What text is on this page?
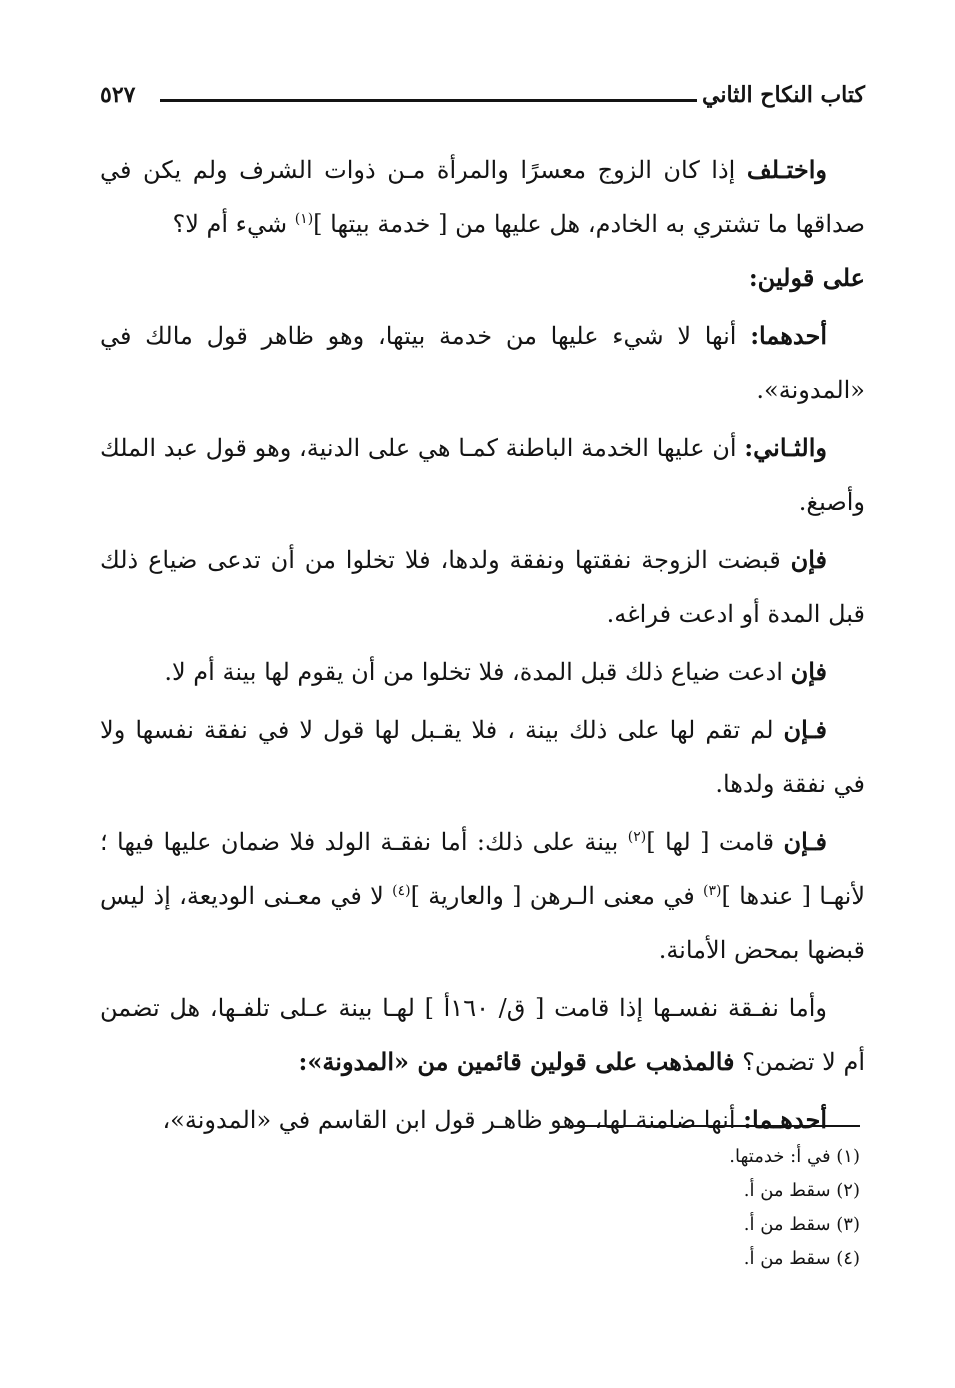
كتاب النكاح الثاني
٥٢٧

واختـلف إذا كان الزوج معسرًا والمرأة مـن ذوات الشرف ولم يكن في صداقها ما تشتري به الخادم، هل عليها من [ خدمة بيتها ]$^{(١)}$ شيء أم لا؟
على قولين:

أحدهما: أنها لا شيء عليها من خدمة بيتها، وهو ظاهر قول مالك في «المدونة».

والثـاني: أن عليها الخدمة الباطنة كمـا هي على الدنية، وهو قول عبد الملك وأصبغ.

فإن قبضت الزوجة نفقتها ونفقة ولدها، فلا تخلوا من أن تدعى ضياع ذلك قبل المدة أو ادعت فراغه.

فإن ادعت ضياع ذلك قبل المدة، فلا تخلوا من أن يقوم لها بينة أم لا.

فـإن لم تقم لها على ذلك بينة ، فلا يقـبل لها قول لا في نفقة نفسها ولا في نفقة ولدها.

فـإن قامت [ لها ]$^{(٢)}$ بينة على ذلك: أما نفقـة الولد فلا ضمان عليها فيها ؛ لأنهـا [ عندها ]$^{(٣)}$ في معنى الـرهن [ والعارية ]$^{(٤)}$ لا في معـنى الوديعة، إذ ليس قبضها بمحض الأمانة.

وأما نفـقة نفسـها إذا قامت [ ق/ ١٦٠أ ] لهـا بينة عـلى تلفـها، هل تضمن أم لا تضمن؟ فالمذهب على قولين قائمين من «المدونة»:

أحدهـما: أنها ضامنة لها، وهو ظاهـر قول ابن القاسم في «المدونة»،

(١) في أ: خدمتها.

(٢) سقط من أ.

(٣) سقط من أ.

(٤) سقط من أ.
